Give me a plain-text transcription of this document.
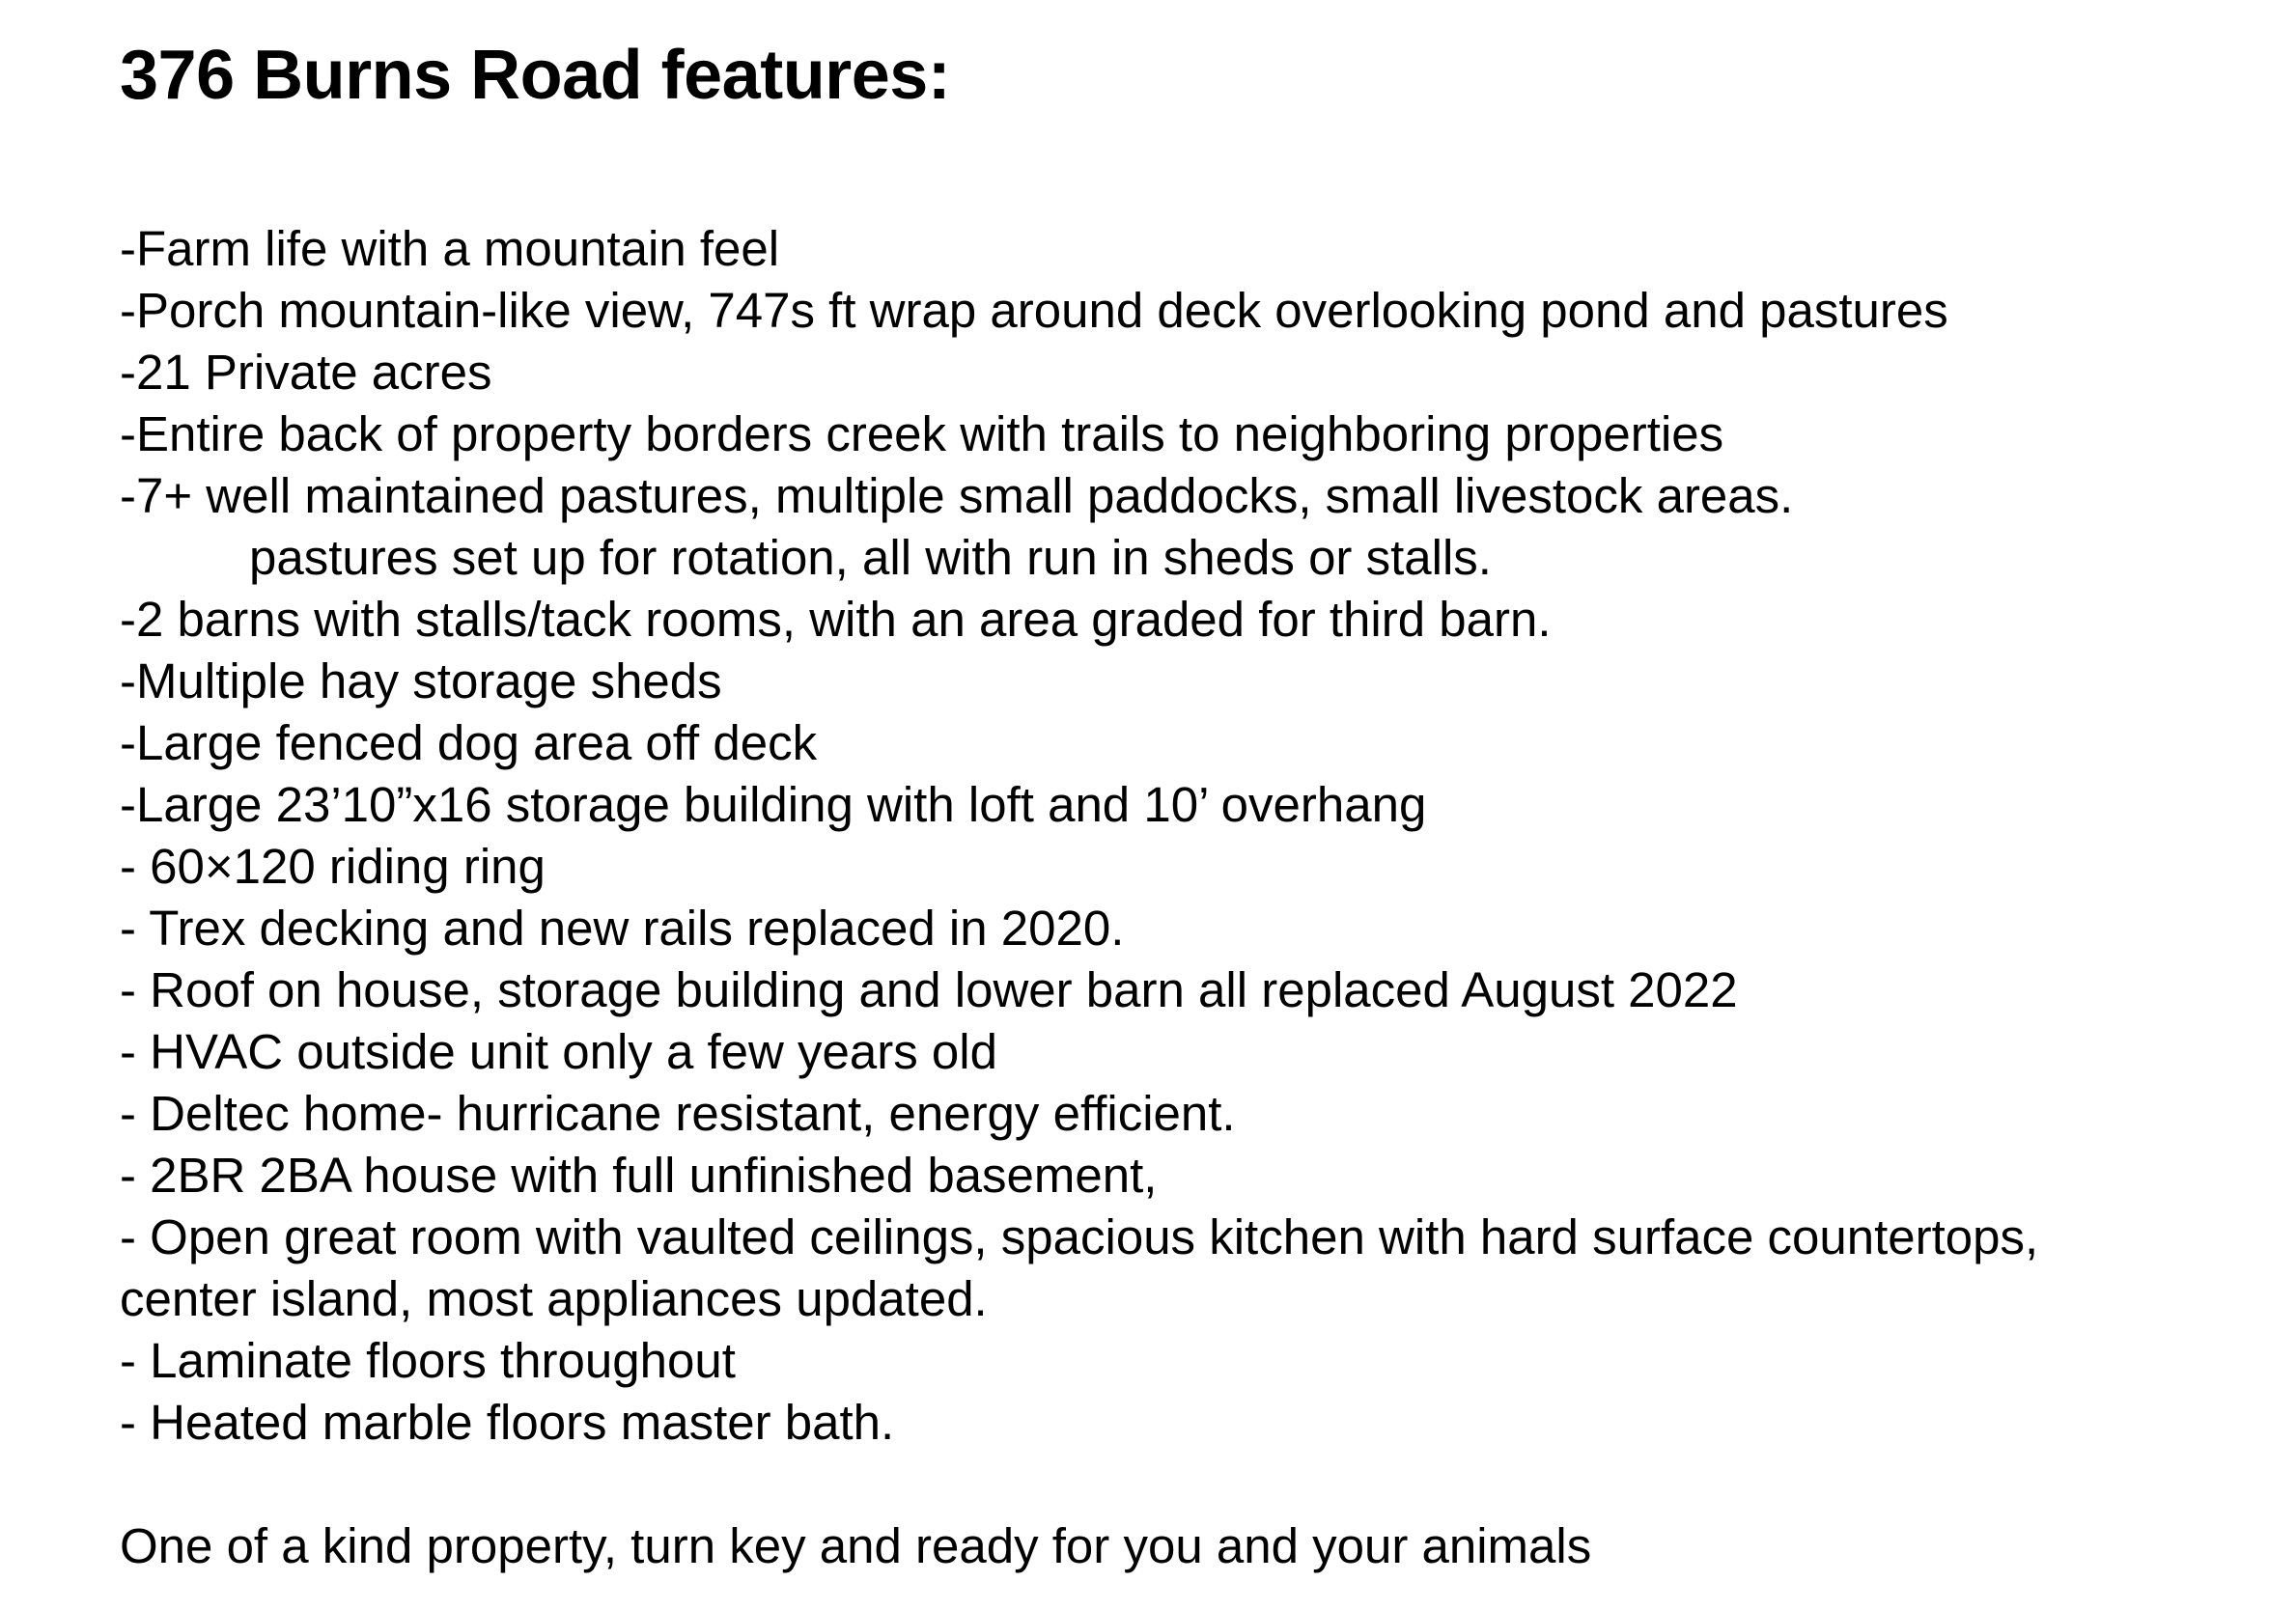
376 Burns Road features:
-Farm life with a mountain feel
-Porch mountain-like view, 747s ft wrap around deck overlooking pond and pastures
-21 Private acres
-Entire back of property borders creek with trails to neighboring properties
-7+ well maintained pastures, multiple small paddocks, small livestock areas.
pastures set up for rotation, all with run in sheds or stalls.
-2 barns with stalls/tack rooms, with an area graded for third barn.
-Multiple hay storage sheds
-Large fenced dog area off deck
-Large 23’10”x16 storage building with loft and 10’ overhang
- 60×120 riding ring
- Trex decking and new rails replaced in 2020.
- Roof on house, storage building and lower barn all replaced August 2022
- HVAC outside unit only a few years old
- Deltec home- hurricane resistant, energy efficient.
- 2BR 2BA house with full unfinished basement,
- Open great room with vaulted ceilings, spacious kitchen with hard surface countertops,
center island, most appliances updated.
- Laminate floors throughout
- Heated marble floors master bath.
One of a kind property, turn key and ready for you and your animals
